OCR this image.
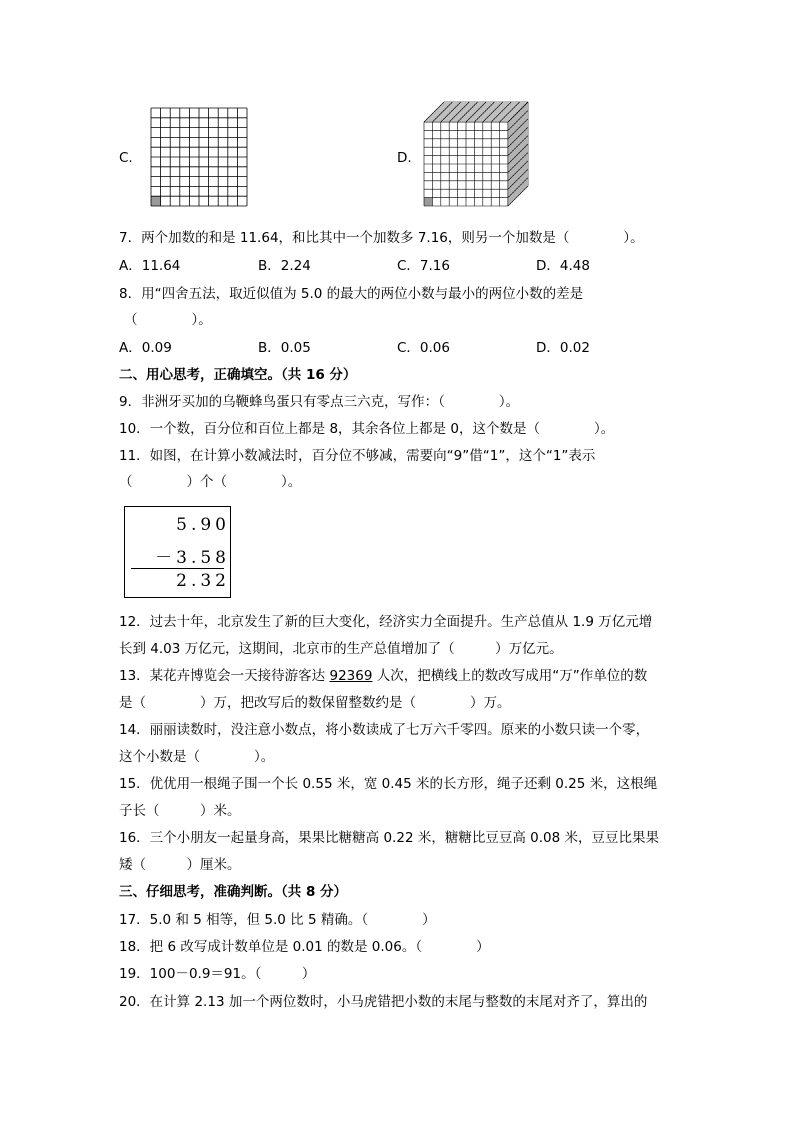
C.	D.
7．两个加数的和是 11.64，和比其中一个加数多 7.16，则另一个加数是（　　　　）。
A．11.64	B．2.24	C．7.16	D．4.48
8．用“四舍五法，取近似值为 5.0 的最大的两位小数与最小的两位小数的差是
（　　　　）。
A．0.09	B．0.05	C．0.06	D．0.02
二、用心思考，正确填空。（共 16 分）
9．非洲牙买加的乌鞭蜂鸟蛋只有零点三六克，写作：（　　　　）。
10．一个数，百分位和百位上都是 8，其余各位上都是 0，这个数是（　　　　）。
11．如图，在计算小数减法时，百分位不够减，需要向“9”借“1”，这个“1”表示
（　　　　）个（　　　　）。
5.90
－3.58
2.32
12．过去十年，北京发生了新的巨大变化，经济实力全面提升。生产总值从 1.9 万亿元增
长到 4.03 万亿元，这期间，北京市的生产总值增加了（　　　）万亿元。
13．某花卉博览会一天接待游客达 92369 人次，把横线上的数改写成用“万”作单位的数
是（　　　　）万，把改写后的数保留整数约是（　　　　）万。
14．丽丽读数时，没注意小数点，将小数读成了七万六千零四。原来的小数只读一个零，
这个小数是（　　　　）。
15．优优用一根绳子围一个长 0.55 米，宽 0.45 米的长方形，绳子还剩 0.25 米，这根绳
子长（　　　）米。
16．三个小朋友一起量身高，果果比糖糖高 0.22 米，糖糖比豆豆高 0.08 米，豆豆比果果
矮（　　　）厘米。
三、仔细思考，准确判断。（共 8 分）
17．5.0 和 5 相等，但 5.0 比 5 精确。（　　　　）
18．把 6 改写成计数单位是 0.01 的数是 0.06。（　　　　）
19．100－0.9＝91。（　　　）
20．在计算 2.13 加一个两位数时，小马虎错把小数的末尾与整数的末尾对齐了，算出的
